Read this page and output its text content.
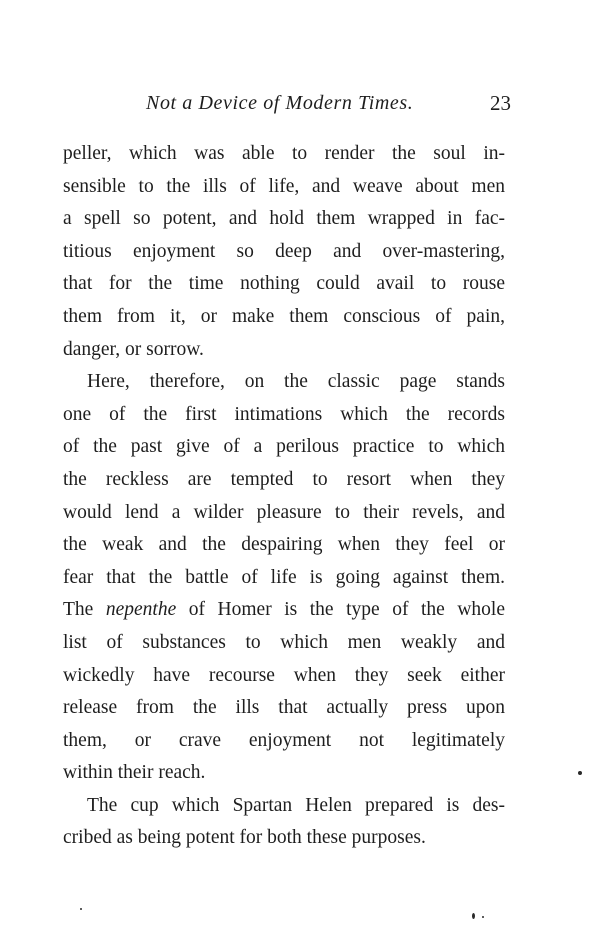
Not a Device of Modern Times.	23
peller, which was able to render the soul in-
sensible to the ills of life, and weave about men
a spell so potent, and hold them wrapped in fac-
titious enjoyment so deep and over-mastering,
that for the time nothing could avail to rouse
them from it, or make them conscious of pain,
danger, or sorrow.
Here, therefore, on the classic page stands
one of the first intimations which the records
of the past give of a perilous practice to which
the reckless are tempted to resort when they
would lend a wilder pleasure to their revels, and
the weak and the despairing when they feel or
fear that the battle of life is going against them.
The nepenthe of Homer is the type of the whole
list of substances to which men weakly and
wickedly have recourse when they seek either
release from the ills that actually press upon
them, or crave enjoyment not legitimately
within their reach.
The cup which Spartan Helen prepared is des-
cribed as being potent for both these purposes.
